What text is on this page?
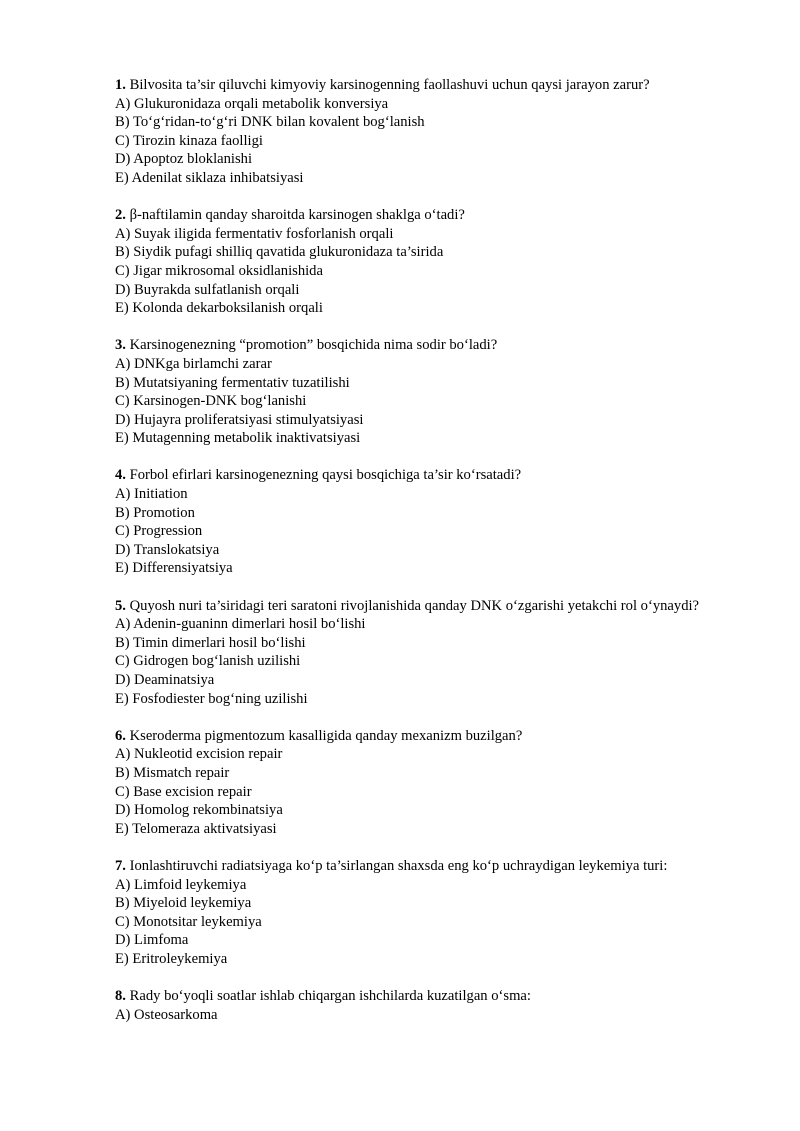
1. Bilvosita ta’sir qiluvchi kimyoviy karsinogenning faollashuvi uchun qaysi jarayon zarur?
A) Glukuronidaza orqali metabolik konversiya
B) To‘g‘ridan-to‘g‘ri DNK bilan kovalent bog‘lanish
C) Tirozin kinaza faolligi
D) Apoptoz bloklanishi
E) Adenilat siklaza inhibatsiyasi
2. β-naftilamin qanday sharoitda karsinogen shaklga o‘tadi?
A) Suyak iligida fermentativ fosforlanish orqali
B) Siydik pufagi shilliq qavatida glukuronidaza ta’sirida
C) Jigar mikrosomal oksidlanishida
D) Buyrakda sulfatlanish orqali
E) Kolonda dekarboksilanish orqali
3. Karsinogenezning “promotion” bosqichida nima sodir bo‘ladi?
A) DNKga birlamchi zarar
B) Mutatsiyaning fermentativ tuzatilishi
C) Karsinogen-DNK bog‘lanishi
D) Hujayra proliferatsiyasi stimulyatsiyasi
E) Mutagenning metabolik inaktivatsiyasi
4. Forbol efirlari karsinogenezning qaysi bosqichiga ta’sir ko‘rsatadi?
A) Initiation
B) Promotion
C) Progression
D) Translokatsiya
E) Differensiyatsiya
5. Quyosh nuri ta’siridagi teri saratoni rivojlanishida qanday DNK o‘zgarishi yetakchi rol o‘ynaydi?
A) Adenin-guaninn dimerlari hosil bo‘lishi
B) Timin dimerlari hosil bo‘lishi
C) Gidrogen bog‘lanish uzilishi
D) Deaminatsiya
E) Fosfodiester bog‘ning uzilishi
6. Kseroderma pigmentozum kasalligida qanday mexanizm buzilgan?
A) Nukleotid excision repair
B) Mismatch repair
C) Base excision repair
D) Homolog rekombinatsiya
E) Telomeraza aktivatsiyasi
7. Ionlashtiruvchi radiatsiyaga ko‘p ta’sirlangan shaxsda eng ko‘p uchraydigan leykemiya turi:
A) Limfoid leykemiya
B) Miyeloid leykemiya
C) Monotsitar leykemiya
D) Limfoma
E) Eritroleykemiya
8. Rady bo‘yoqli soatlar ishlab chiqargan ishchilarda kuzatilgan o‘sma:
A) Osteosarkoma
